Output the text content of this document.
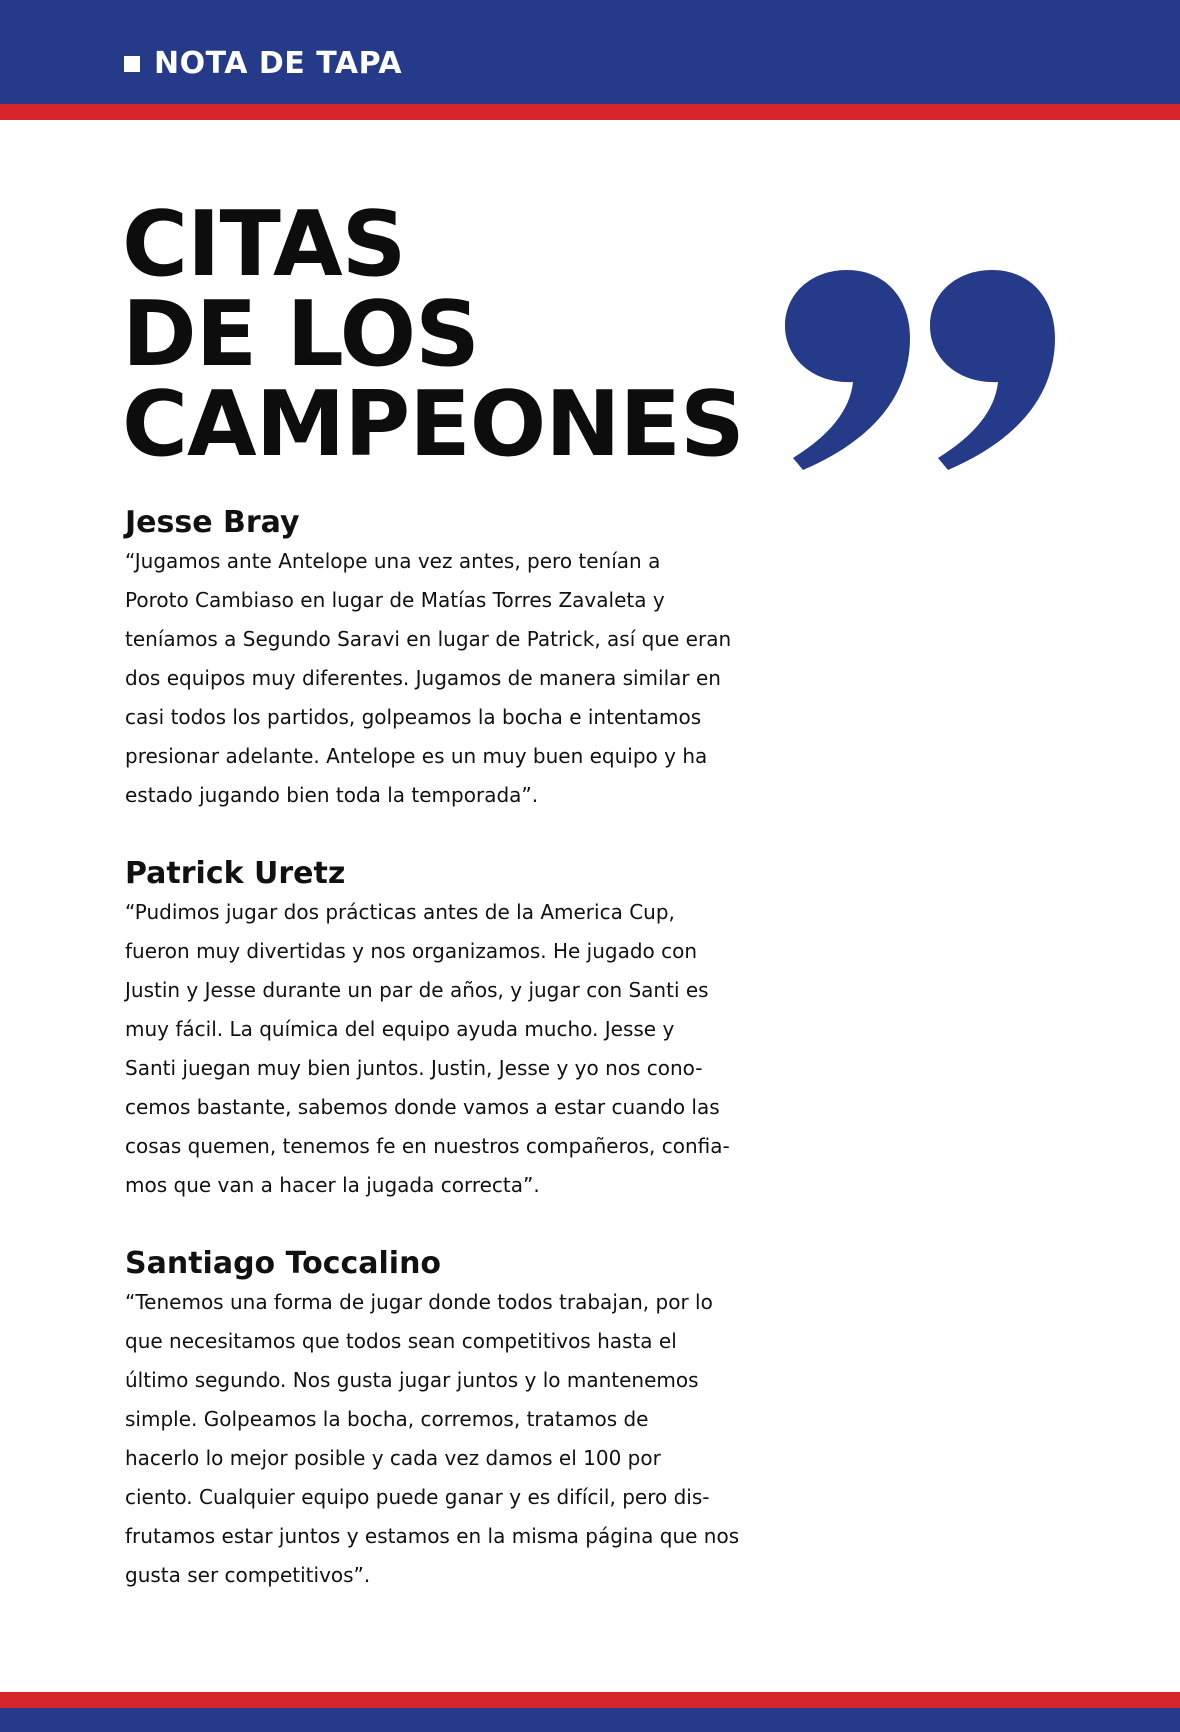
NOTA DE TAPA
CITAS
DE LOS
CAMPEONES

Jesse Bray

“Jugamos ante Antelope una vez antes, pero tenían a
Poroto Cambiaso en lugar de Matías Torres Zavaleta y
teníamos a Segundo Saravi en lugar de Patrick, así que eran
dos equipos muy diferentes. Jugamos de manera similar en
casi todos los partidos, golpeamos la bocha e intentamos
presionar adelante. Antelope es un muy buen equipo y ha
estado jugando bien toda la temporada”.

Patrick Uretz

“Pudimos jugar dos prácticas antes de la America Cup,
fueron muy divertidas y nos organizamos. He jugado con
Justin y Jesse durante un par de años, y jugar con Santi es
muy fácil. La química del equipo ayuda mucho. Jesse y
Santi juegan muy bien juntos. Justin, Jesse y yo nos cono-
cemos bastante, sabemos donde vamos a estar cuando las
cosas quemen, tenemos fe en nuestros compañeros, confia-
mos que van a hacer la jugada correcta”.

Santiago Toccalino

“Tenemos una forma de jugar donde todos trabajan, por lo
que necesitamos que todos sean competitivos hasta el
último segundo. Nos gusta jugar juntos y lo mantenemos
simple. Golpeamos la bocha, corremos, tratamos de
hacerlo lo mejor posible y cada vez damos el 100 por
ciento. Cualquier equipo puede ganar y es difícil, pero dis-
frutamos estar juntos y estamos en la misma página que nos
gusta ser competitivos”.
